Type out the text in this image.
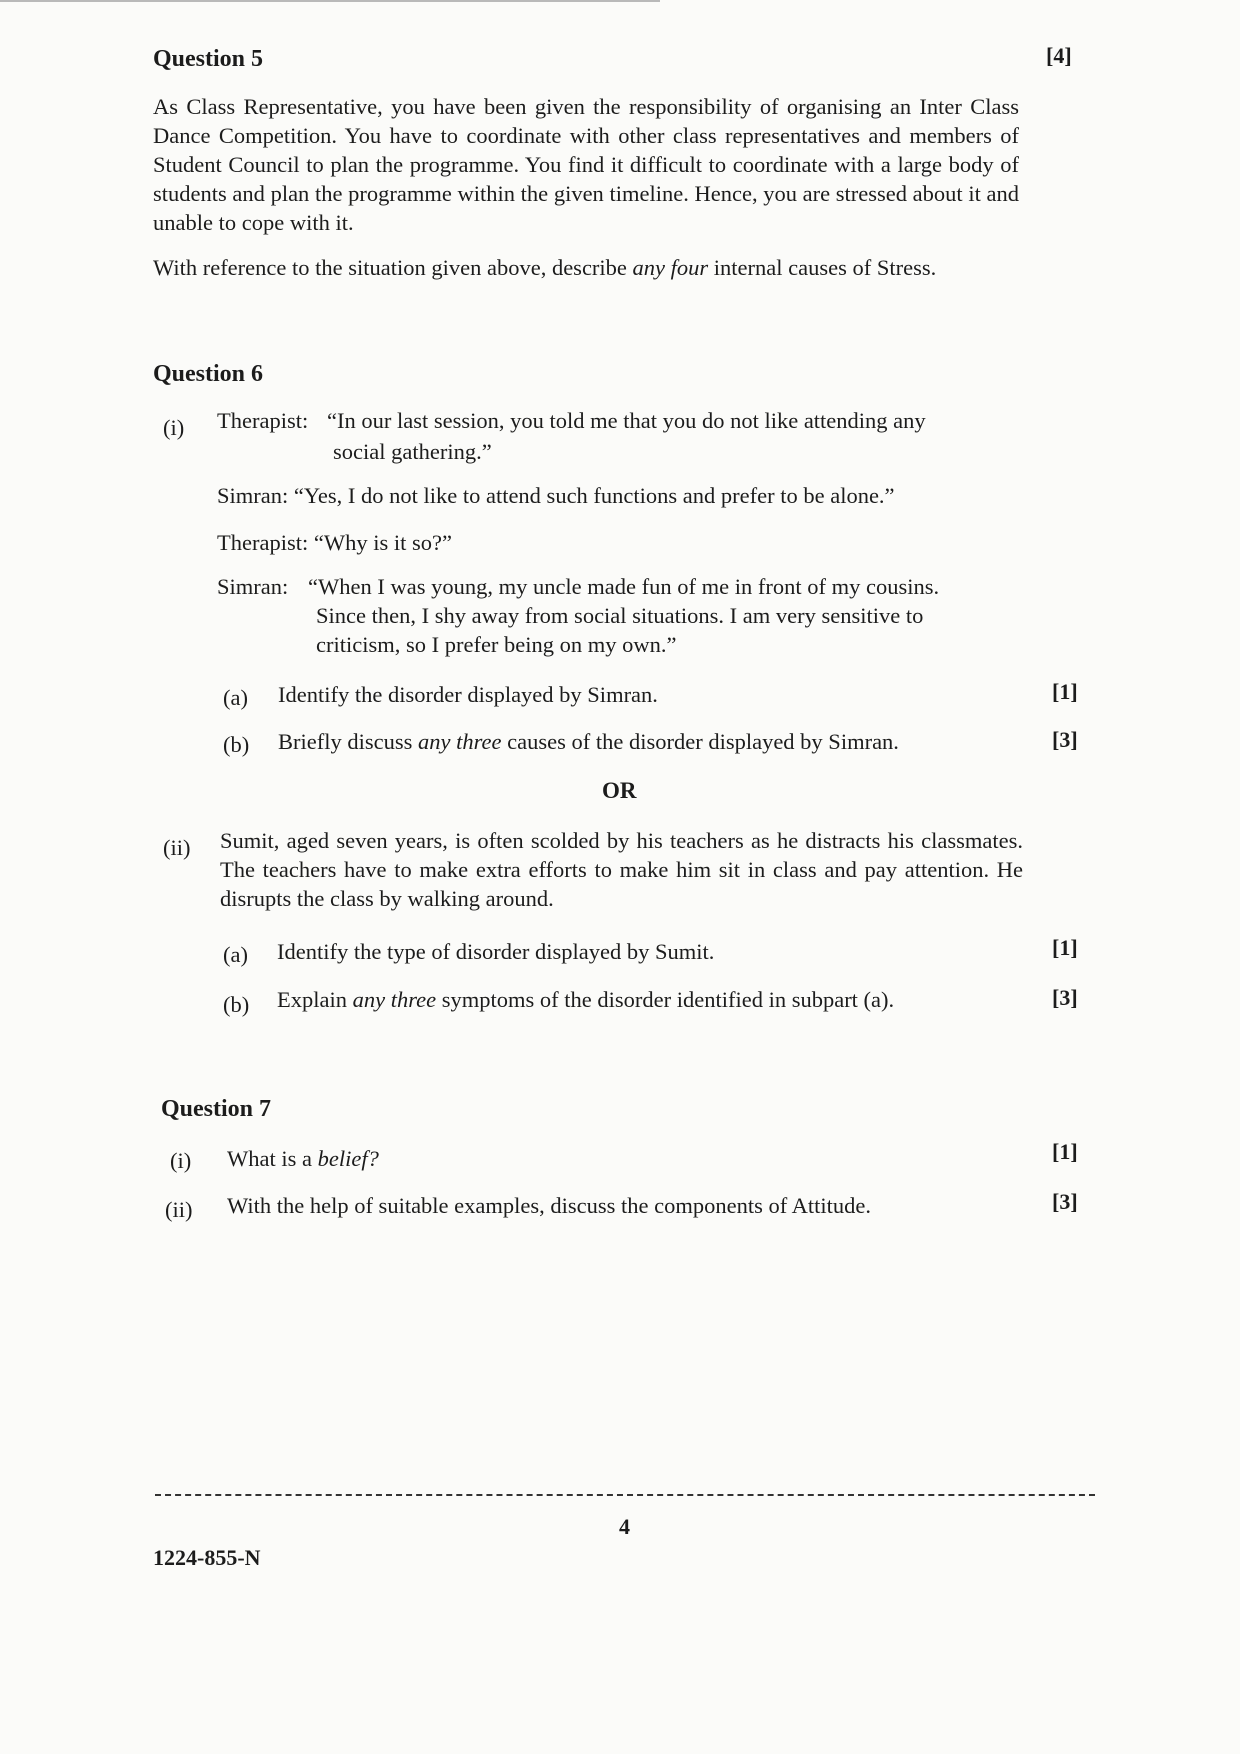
Question 5	[4]
As Class Representative, you have been given the responsibility of organising an Inter Class Dance Competition. You have to coordinate with other class representatives and members of Student Council to plan the programme. You find it difficult to coordinate with a large body of students and plan the programme within the given timeline. Hence, you are stressed about it and unable to cope with it.
With reference to the situation given above, describe any four internal causes of Stress.
Question 6
(i) Therapist: “In our last session, you told me that you do not like attending any
social gathering.”
Simran: “Yes, I do not like to attend such functions and prefer to be alone.”
Therapist: “Why is it so?”
Simran: “When I was young, my uncle made fun of me in front of my cousins.
Since then, I shy away from social situations. I am very sensitive to
criticism, so I prefer being on my own.”
(a) Identify the disorder displayed by Simran.	[1]
(b) Briefly discuss any three causes of the disorder displayed by Simran.	[3]
OR
(ii) Sumit, aged seven years, is often scolded by his teachers as he distracts his classmates. The teachers have to make extra efforts to make him sit in class and pay attention. He disrupts the class by walking around.
(a) Identify the type of disorder displayed by Sumit.	[1]
(b) Explain any three symptoms of the disorder identified in subpart (a).	[3]
Question 7
(i) What is a belief?	[1]
(ii) With the help of suitable examples, discuss the components of Attitude.	[3]
4
1224-855-N
